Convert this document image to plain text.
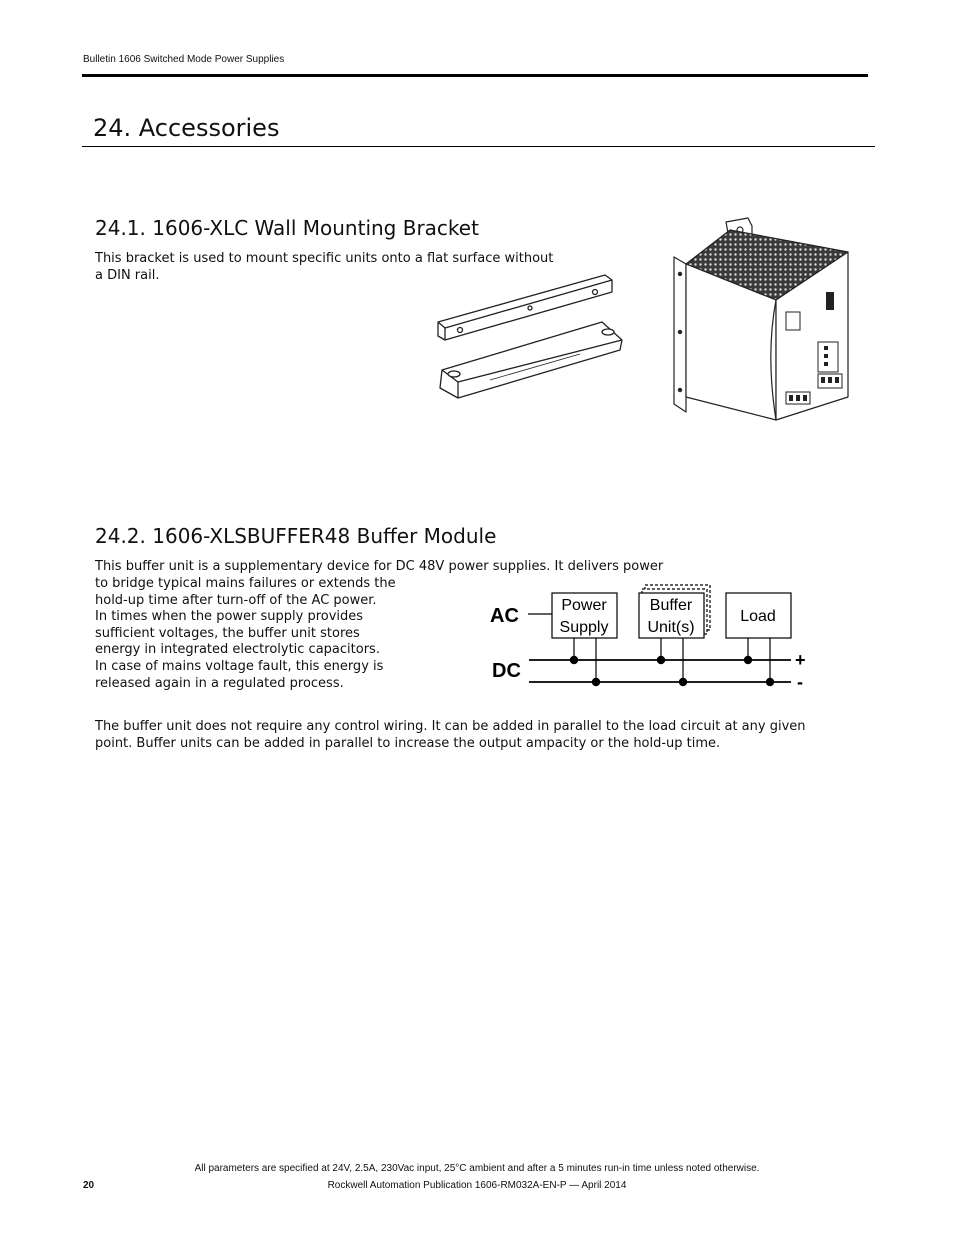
Bulletin 1606 Switched Mode Power Supplies
24. Accessories
24.1. 1606-XLC Wall Mounting Bracket
This bracket is used to mount specific units onto a flat surface without
a DIN rail.
24.2. 1606-XLSBUFFER48 Buffer Module
This buffer unit is a supplementary device for DC 48V power supplies. It delivers power
to bridge typical mains failures or extends the
hold-up time after turn-off of the AC power.
In times when the power supply provides
sufficient voltages, the buffer unit stores
energy in integrated electrolytic capacitors.
In case of mains voltage fault, this energy is
released again in a regulated process.
AC
DC	+
-
Power
Supply
Buffer
Unit(s)
Load
The buffer unit does not require any control wiring. It can be added in parallel to the load circuit at any given
point. Buffer units can be added in parallel to increase the output ampacity or the hold-up time.
All parameters are specified at 24V, 2.5A, 230Vac input, 25°C ambient and after a 5 minutes run-in time unless noted otherwise.
20	Rockwell Automation Publication 1606-RM032A-EN-P — April 2014
